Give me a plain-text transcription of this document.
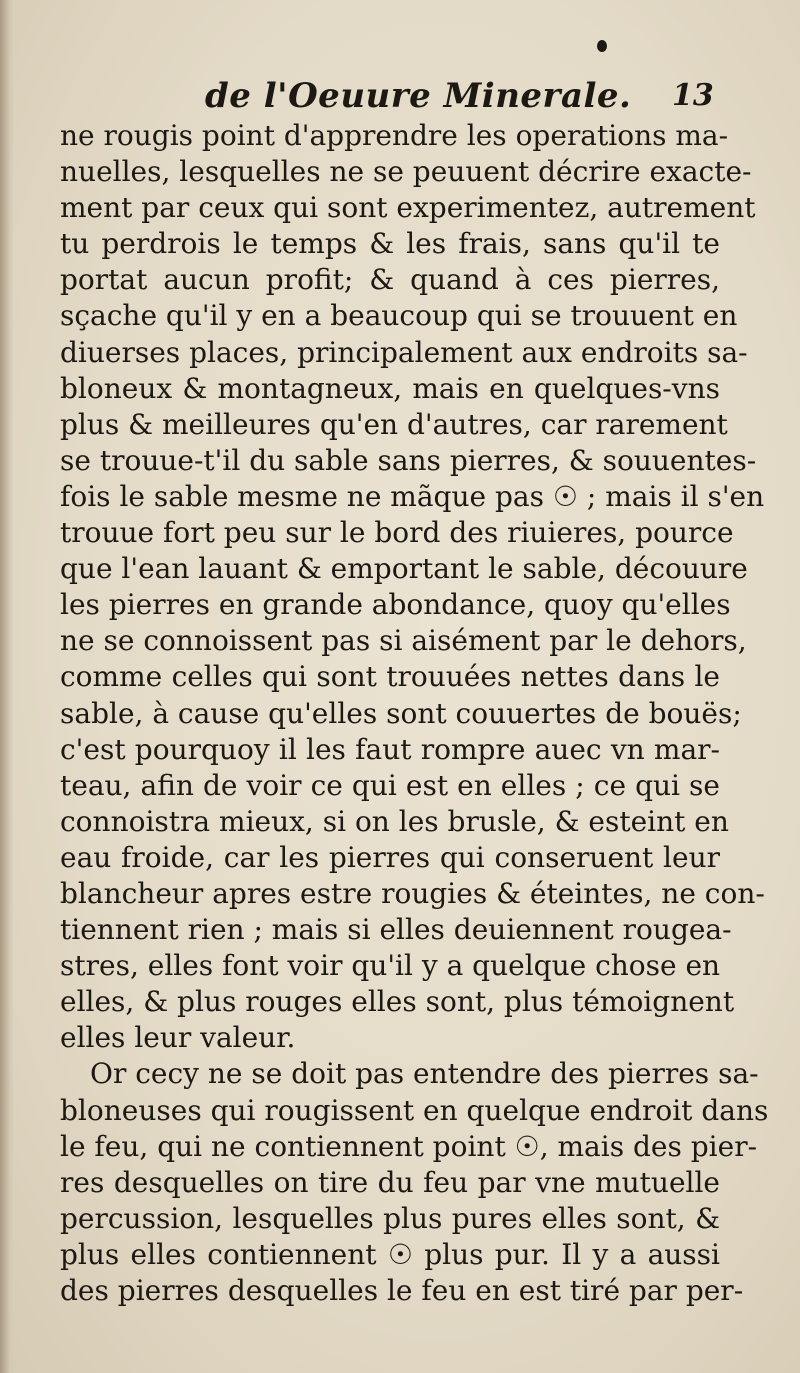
de l'Oeuure Minerale. 13
ne rougis point d'apprendre les operations ma-
nuelles, lesquelles ne se peuuent décrire exacte-
ment par ceux qui sont experimentez, autrement
tu perdrois le temps & les frais, sans qu'il te
portat aucun profit; & quand à ces pierres,
sçache qu'il y en a beaucoup qui se trouuent en
diuerses places, principalement aux endroits sa-
bloneux & montagneux, mais en quelques-vns
plus & meilleures qu'en d'autres, car rarement
se trouue-t'il du sable sans pierres, & souuentes-
fois le sable mesme ne mãque pas ☉ ; mais il s'en
trouue fort peu sur le bord des riuieres, pource
que l'ean lauant & emportant le sable, découure
les pierres en grande abondance, quoy qu'elles
ne se connoissent pas si aisément par le dehors,
comme celles qui sont trouuées nettes dans le
sable, à cause qu'elles sont couuertes de bouës;
c'est pourquoy il les faut rompre auec vn mar-
teau, afin de voir ce qui est en elles ; ce qui se
connoistra mieux, si on les brusle, & esteint en
eau froide, car les pierres qui conseruent leur
blancheur apres estre rougies & éteintes, ne con-
tiennent rien ; mais si elles deuiennent rougea-
stres, elles font voir qu'il y a quelque chose en
elles, & plus rouges elles sont, plus témoignent
elles leur valeur.
Or cecy ne se doit pas entendre des pierres sa-
bloneuses qui rougissent en quelque endroit dans
le feu, qui ne contiennent point ☉, mais des pier-
res desquelles on tire du feu par vne mutuelle
percussion, lesquelles plus pures elles sont, &
plus elles contiennent ☉ plus pur. Il y a aussi
des pierres desquelles le feu en est tiré par per-
